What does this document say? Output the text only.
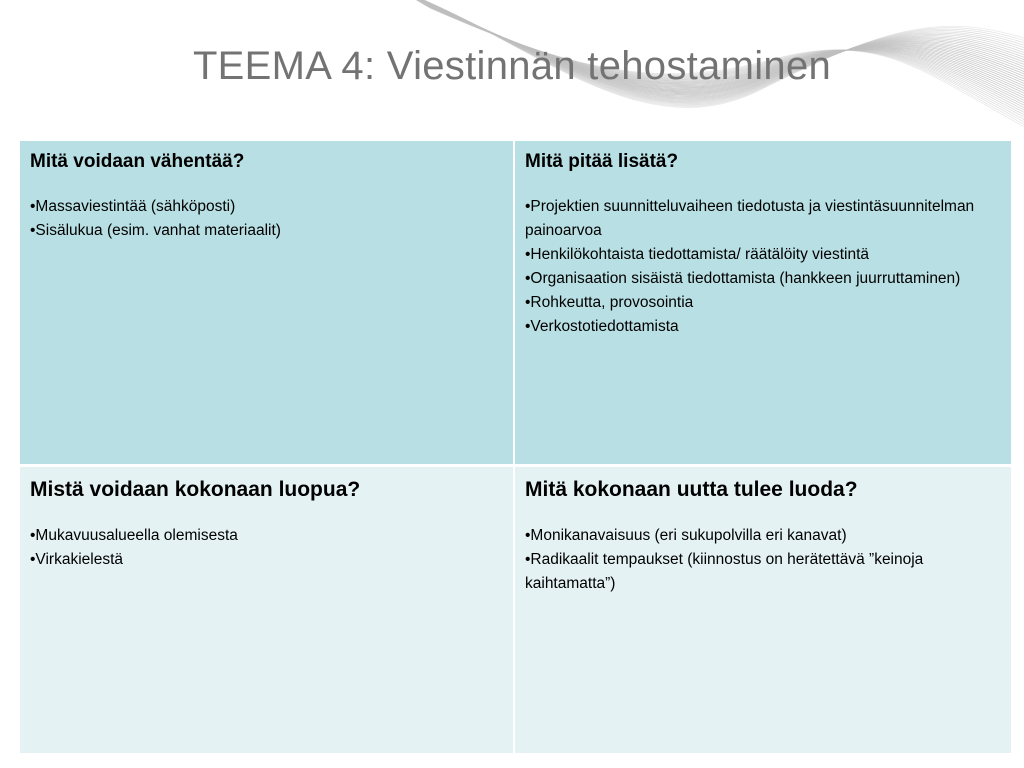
TEEMA 4: Viestinnän tehostaminen
Mitä voidaan vähentää?
•Massaviestintää (sähköposti)
•Sisälukua (esim. vanhat materiaalit)
Mitä pitää lisätä?
•Projektien suunnitteluvaiheen tiedotusta ja viestintäsuunnitelman painoarvoa
•Henkilökohtaista tiedottamista/ räätälöity viestintä
•Organisaation sisäistä tiedottamista (hankkeen juurruttaminen)
•Rohkeutta, provosointia
•Verkostotiedottamista
Mistä voidaan kokonaan luopua?
•Mukavuusalueella olemisesta
•Virkakielestä
Mitä kokonaan uutta tulee luoda?
•Monikanavaisuus (eri sukupolvilla eri kanavat)
•Radikaalit tempaukset (kiinnostus on herätettävä ”keinoja kaihtamatta”)
